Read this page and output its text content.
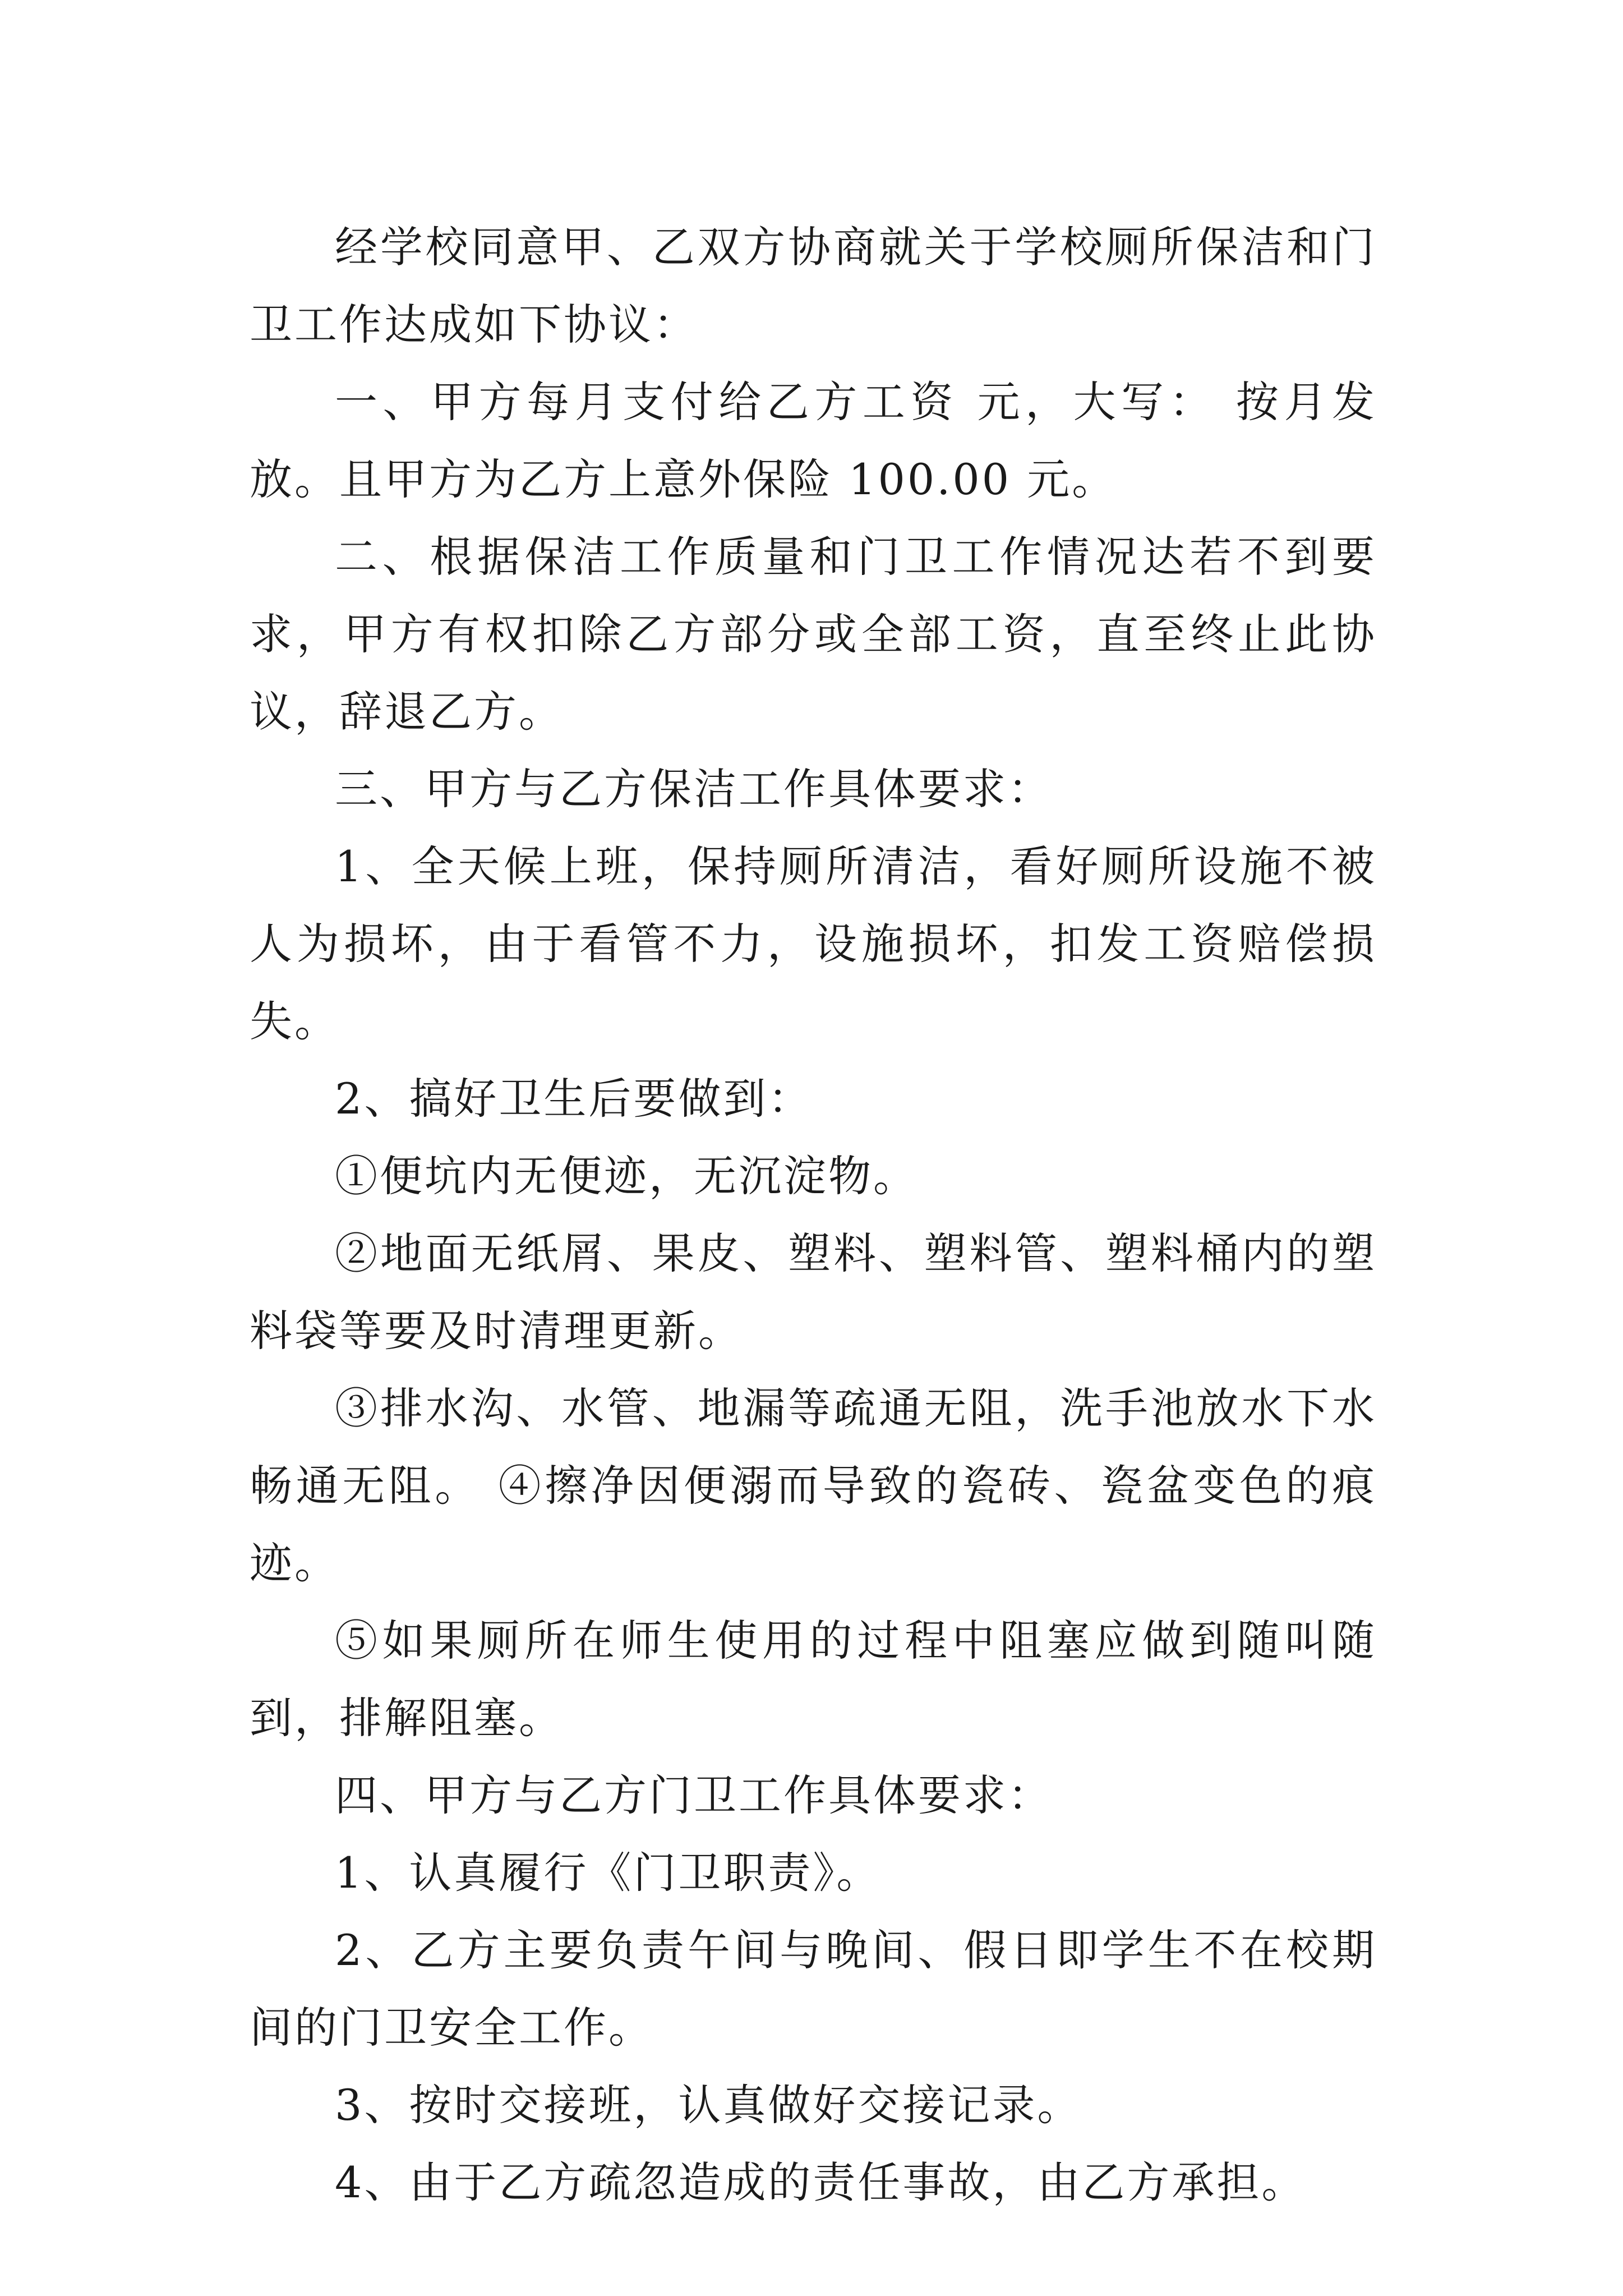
经学校同意甲、乙双方协商就关于学校厕所保洁和门卫工作达成如下协议：

一、甲方每月支付给乙方工资 元，大写： 按月发放。且甲方为乙方上意外保险 100.00 元。

二、根据保洁工作质量和门卫工作情况达若不到要求，甲方有权扣除乙方部分或全部工资，直至终止此协议，辞退乙方。

三、甲方与乙方保洁工作具体要求：

1、全天候上班，保持厕所清洁，看好厕所设施不被人为损坏，由于看管不力，设施损坏，扣发工资赔偿损失。

2、搞好卫生后要做到：

①便坑内无便迹，无沉淀物。

②地面无纸屑、果皮、塑料、塑料管、塑料桶内的塑料袋等要及时清理更新。

③排水沟、水管、地漏等疏通无阻，洗手池放水下水畅通无阻。 ④擦净因便溺而导致的瓷砖、瓷盆变色的痕迹。

⑤如果厕所在师生使用的过程中阻塞应做到随叫随到，排解阻塞。

四、甲方与乙方门卫工作具体要求：

1、认真履行《门卫职责》。

2、乙方主要负责午间与晚间、假日即学生不在校期间的门卫安全工作。

3、按时交接班，认真做好交接记录。

4、由于乙方疏忽造成的责任事故，由乙方承担。
